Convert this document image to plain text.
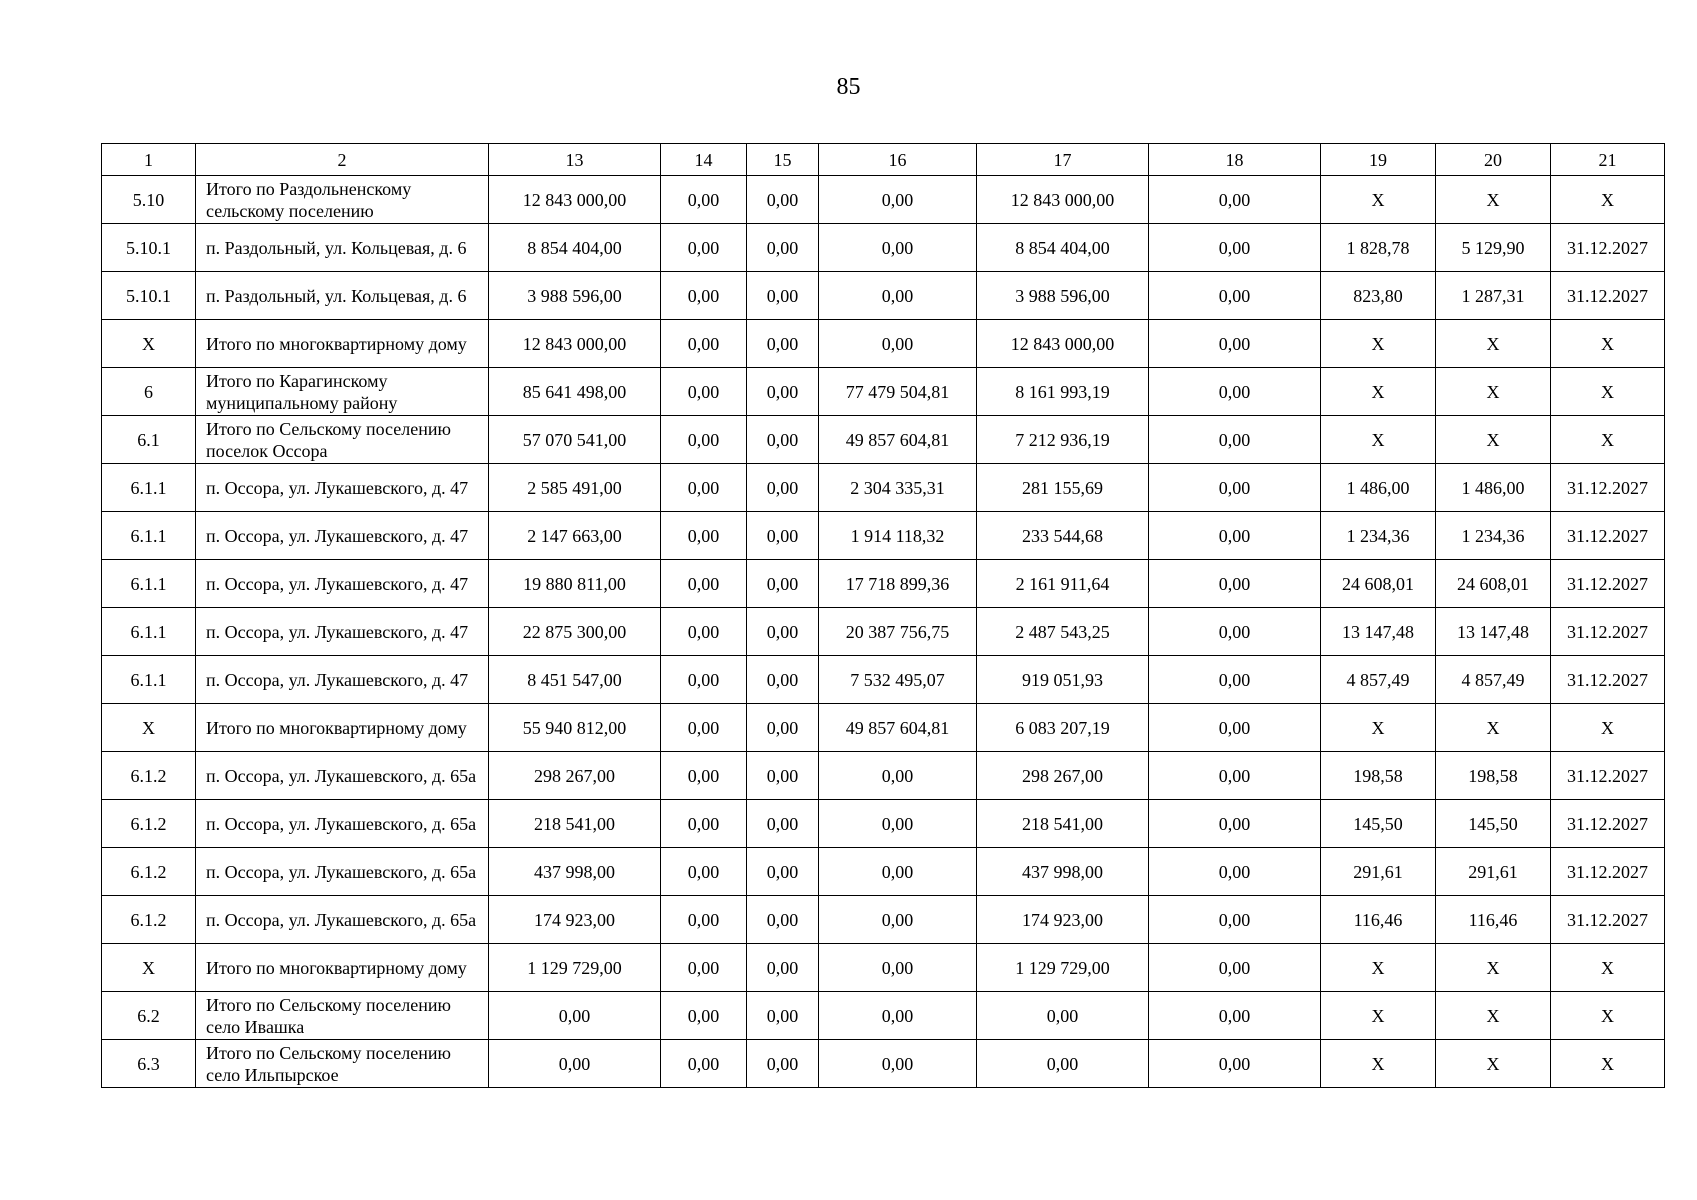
85
1	2	13	14	15	16	17	18	19	20	21
5.10	Итого по Раздольненскому сельскому поселению	12 843 000,00	0,00	0,00	0,00	12 843 000,00	0,00	X	X	X
5.10.1	п. Раздольный, ул. Кольцевая, д. 6	8 854 404,00	0,00	0,00	0,00	8 854 404,00	0,00	1 828,78	5 129,90	31.12.2027
5.10.1	п. Раздольный, ул. Кольцевая, д. 6	3 988 596,00	0,00	0,00	0,00	3 988 596,00	0,00	823,80	1 287,31	31.12.2027
X	Итого по многоквартирному дому	12 843 000,00	0,00	0,00	0,00	12 843 000,00	0,00	X	X	X
6	Итого по Карагинскому муниципальному району	85 641 498,00	0,00	0,00	77 479 504,81	8 161 993,19	0,00	X	X	X
6.1	Итого по Сельскому поселению поселок Оссора	57 070 541,00	0,00	0,00	49 857 604,81	7 212 936,19	0,00	X	X	X
6.1.1	п. Оссора, ул. Лукашевского, д. 47	2 585 491,00	0,00	0,00	2 304 335,31	281 155,69	0,00	1 486,00	1 486,00	31.12.2027
6.1.1	п. Оссора, ул. Лукашевского, д. 47	2 147 663,00	0,00	0,00	1 914 118,32	233 544,68	0,00	1 234,36	1 234,36	31.12.2027
6.1.1	п. Оссора, ул. Лукашевского, д. 47	19 880 811,00	0,00	0,00	17 718 899,36	2 161 911,64	0,00	24 608,01	24 608,01	31.12.2027
6.1.1	п. Оссора, ул. Лукашевского, д. 47	22 875 300,00	0,00	0,00	20 387 756,75	2 487 543,25	0,00	13 147,48	13 147,48	31.12.2027
6.1.1	п. Оссора, ул. Лукашевского, д. 47	8 451 547,00	0,00	0,00	7 532 495,07	919 051,93	0,00	4 857,49	4 857,49	31.12.2027
X	Итого по многоквартирному дому	55 940 812,00	0,00	0,00	49 857 604,81	6 083 207,19	0,00	X	X	X
6.1.2	п. Оссора, ул. Лукашевского, д. 65а	298 267,00	0,00	0,00	0,00	298 267,00	0,00	198,58	198,58	31.12.2027
6.1.2	п. Оссора, ул. Лукашевского, д. 65а	218 541,00	0,00	0,00	0,00	218 541,00	0,00	145,50	145,50	31.12.2027
6.1.2	п. Оссора, ул. Лукашевского, д. 65а	437 998,00	0,00	0,00	0,00	437 998,00	0,00	291,61	291,61	31.12.2027
6.1.2	п. Оссора, ул. Лукашевского, д. 65а	174 923,00	0,00	0,00	0,00	174 923,00	0,00	116,46	116,46	31.12.2027
X	Итого по многоквартирному дому	1 129 729,00	0,00	0,00	0,00	1 129 729,00	0,00	X	X	X
6.2	Итого по Сельскому поселению село Ивашка	0,00	0,00	0,00	0,00	0,00	0,00	X	X	X
6.3	Итого по Сельскому поселению село Ильпырское	0,00	0,00	0,00	0,00	0,00	0,00	X	X	X
